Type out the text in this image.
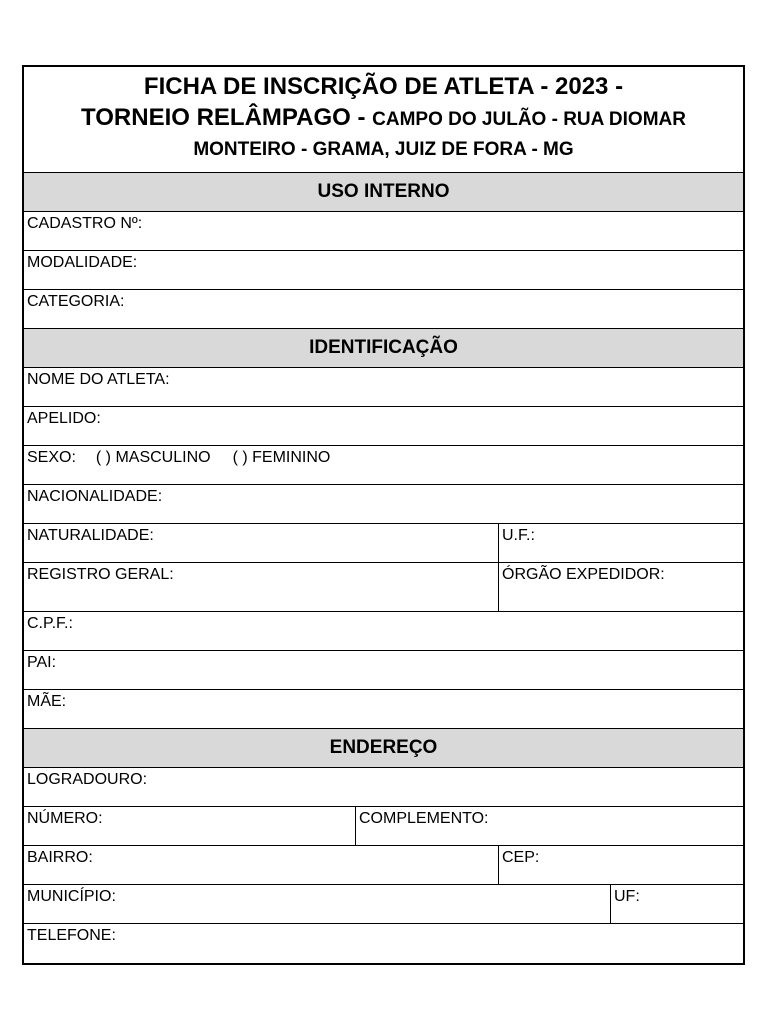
FICHA DE INSCRIÇÃO DE ATLETA - 2023 -
TORNEIO RELÂMPAGO - CAMPO DO JULÃO - RUA DIOMAR
MONTEIRO - GRAMA, JUIZ DE FORA - MG
USO INTERNO
CADASTRO Nº:
MODALIDADE:
CATEGORIA:
IDENTIFICAÇÃO
NOME DO ATLETA:
APELIDO:
SEXO: ( ) MASCULINO ( ) FEMININO
NACIONALIDADE:
NATURALIDADE:	U.F.:
REGISTRO GERAL:	ÓRGÃO EXPEDIDOR:
C.P.F.:
PAI:
MÃE:
ENDEREÇO
LOGRADOURO:
NÚMERO:	COMPLEMENTO:
BAIRRO:	CEP:
MUNICÍPIO:	UF:
TELEFONE:
